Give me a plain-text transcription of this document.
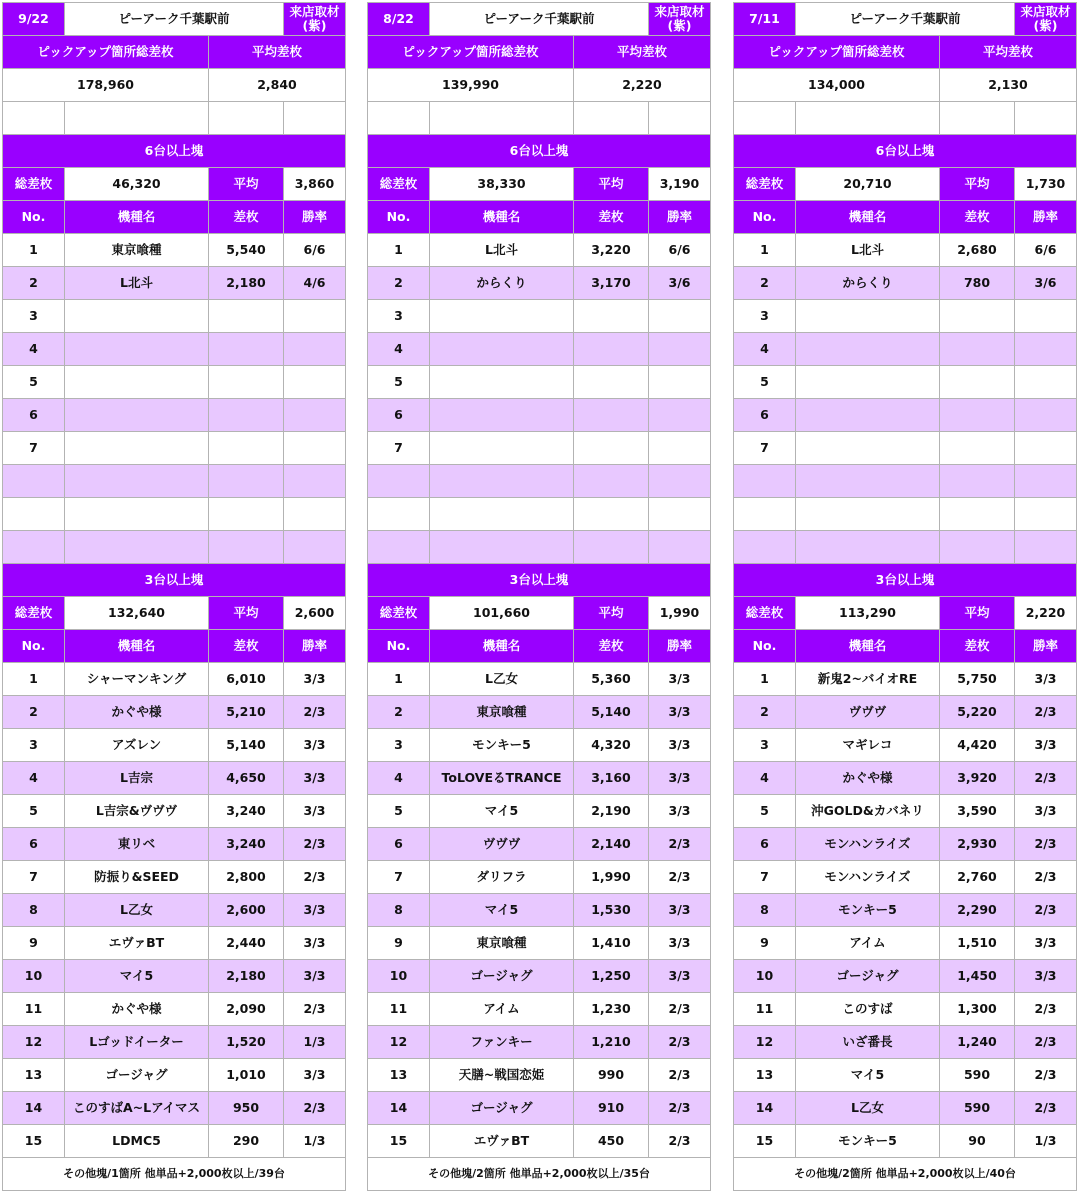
9/22	ピーアーク千葉駅前		来店取材
(紫)
ピックアップ箇所総差枚		平均差枚	
178,960		2,840	

6台以上塊			
総差枚	46,320	平均	3,860
No.	機種名	差枚	勝率
1	東京喰種	5,540	6/6
2	L北斗	2,180	4/6
3			
4			
5			
6			
7			

3台以上塊			
総差枚	132,640	平均	2,600
No.	機種名	差枚	勝率
1	シャーマンキング	6,010	3/3
2	かぐや様	5,210	2/3
3	アズレン	5,140	3/3
4	L吉宗	4,650	3/3
5	L吉宗&ヴヴヴ	3,240	3/3
6	東リベ	3,240	2/3
7	防振り&SEED	2,800	2/3
8	L乙女	2,600	3/3
9	エヴァBT	2,440	3/3
10	マイ5	2,180	3/3
11	かぐや様	2,090	2/3
12	Lゴッドイーター	1,520	1/3
13	ゴージャグ	1,010	3/3
14	このすばA~Lアイマス	950	2/3
15	LDMC5	290	1/3
その他塊/1箇所 他単品+2,000枚以上/39台			
8/22	ピーアーク千葉駅前		来店取材
(紫)
ピックアップ箇所総差枚		平均差枚	
139,990		2,220	

6台以上塊			
総差枚	38,330	平均	3,190
No.	機種名	差枚	勝率
1	L北斗	3,220	6/6
2	からくり	3,170	3/6
3			
4			
5			
6			
7			

3台以上塊			
総差枚	101,660	平均	1,990
No.	機種名	差枚	勝率
1	L乙女	5,360	3/3
2	東京喰種	5,140	3/3
3	モンキー5	4,320	3/3
4	ToLOVEるTRANCE	3,160	3/3
5	マイ5	2,190	3/3
6	ヴヴヴ	2,140	2/3
7	ダリフラ	1,990	2/3
8	マイ5	1,530	3/3
9	東京喰種	1,410	3/3
10	ゴージャグ	1,250	3/3
11	アイム	1,230	2/3
12	ファンキー	1,210	2/3
13	天膳~戦国恋姫	990	2/3
14	ゴージャグ	910	2/3
15	エヴァBT	450	2/3
その他塊/2箇所 他単品+2,000枚以上/35台			
7/11	ピーアーク千葉駅前		来店取材
(紫)
ピックアップ箇所総差枚		平均差枚	
134,000		2,130	

6台以上塊			
総差枚	20,710	平均	1,730
No.	機種名	差枚	勝率
1	L北斗	2,680	6/6
2	からくり	780	3/6
3			
4			
5			
6			
7			

3台以上塊			
総差枚	113,290	平均	2,220
No.	機種名	差枚	勝率
1	新鬼2~バイオRE	5,750	3/3
2	ヴヴヴ	5,220	2/3
3	マギレコ	4,420	3/3
4	かぐや様	3,920	2/3
5	沖GOLD&カバネリ	3,590	3/3
6	モンハンライズ	2,930	2/3
7	モンハンライズ	2,760	2/3
8	モンキー5	2,290	2/3
9	アイム	1,510	3/3
10	ゴージャグ	1,450	3/3
11	このすば	1,300	2/3
12	いざ番長	1,240	2/3
13	マイ5	590	2/3
14	L乙女	590	2/3
15	モンキー5	90	1/3
その他塊/2箇所 他単品+2,000枚以上/40台			
